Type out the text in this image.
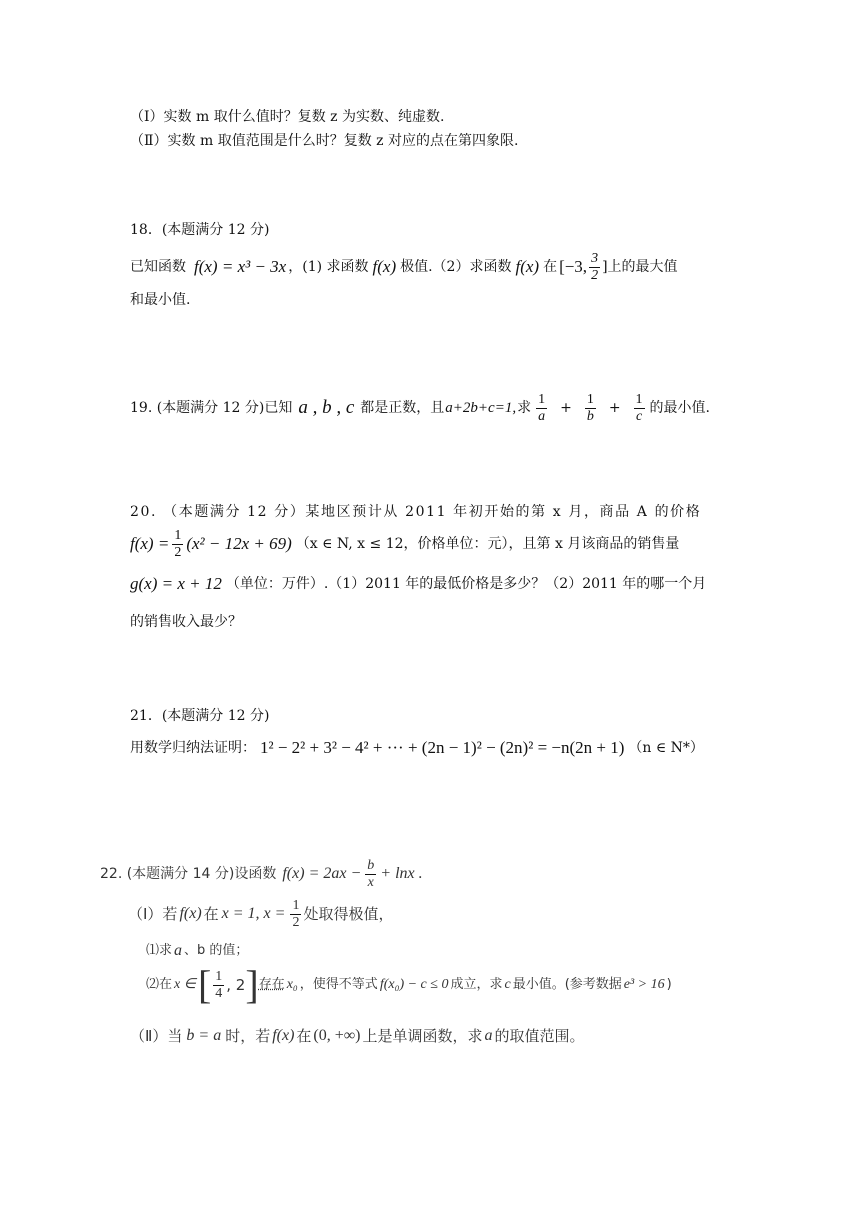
（Ⅰ）实数 m 取什么值时？复数 z 为实数、纯虚数.
（Ⅱ）实数 m 取值范围是什么时？复数 z 对应的点在第四象限.
18．(本题满分 12 分)
已知函数 f(x) = x³ − 3x ，(1) 求函数 f(x) 极值.（2）求函数 f(x) 在 [−3, $\frac{3}{2}$ ]上的最大值
和最小值.
19. (本题满分 12 分)已知 a , b , c 都是正数，且 a+2b+c=1, 求 $\frac{1}{a} + \frac{1}{b} + \frac{1}{c}$ 的最小值.
20. （本题满分 12 分）某地区预计从 2011 年初开始的第 x 月，商品 A 的价格
$f(x) = \frac{1}{2} (x^2 - 12x + 69)$ （x ∈ N, x ≤ 12，价格单位：元），且第 x 月该商品的销售量
g(x) = x + 12 （单位：万件）.（1）2011 年的最低价格是多少？（2）2011 年的哪一个月
的销售收入最少？
21．(本题满分 12 分)
用数学归纳法证明： 1² − 2² + 3² − 4² + ··· + (2n − 1)² − (2n)² = −n(2n + 1) （n ∈ N*）
22. (本题满分 14 分)设函数 $f(x) = 2ax - \frac{b}{x} + \ln x$ .
（Ⅰ）若 f(x) 在 x = 1, $x = \frac{1}{2}$ 处取得极值，
⑴求 a 、b 的值；
⑵在 x ∈ [ $\frac{1}{4}$ , 2 ] 存在 x₀ ，使得不等式 f(x₀) − c ≤ 0 成立，求 c 最小值。(参考数据 e³ > 16 )
（Ⅱ）当 b = a 时，若 f(x) 在 (0, +∞) 上是单调函数，求 a 的取值范围。
